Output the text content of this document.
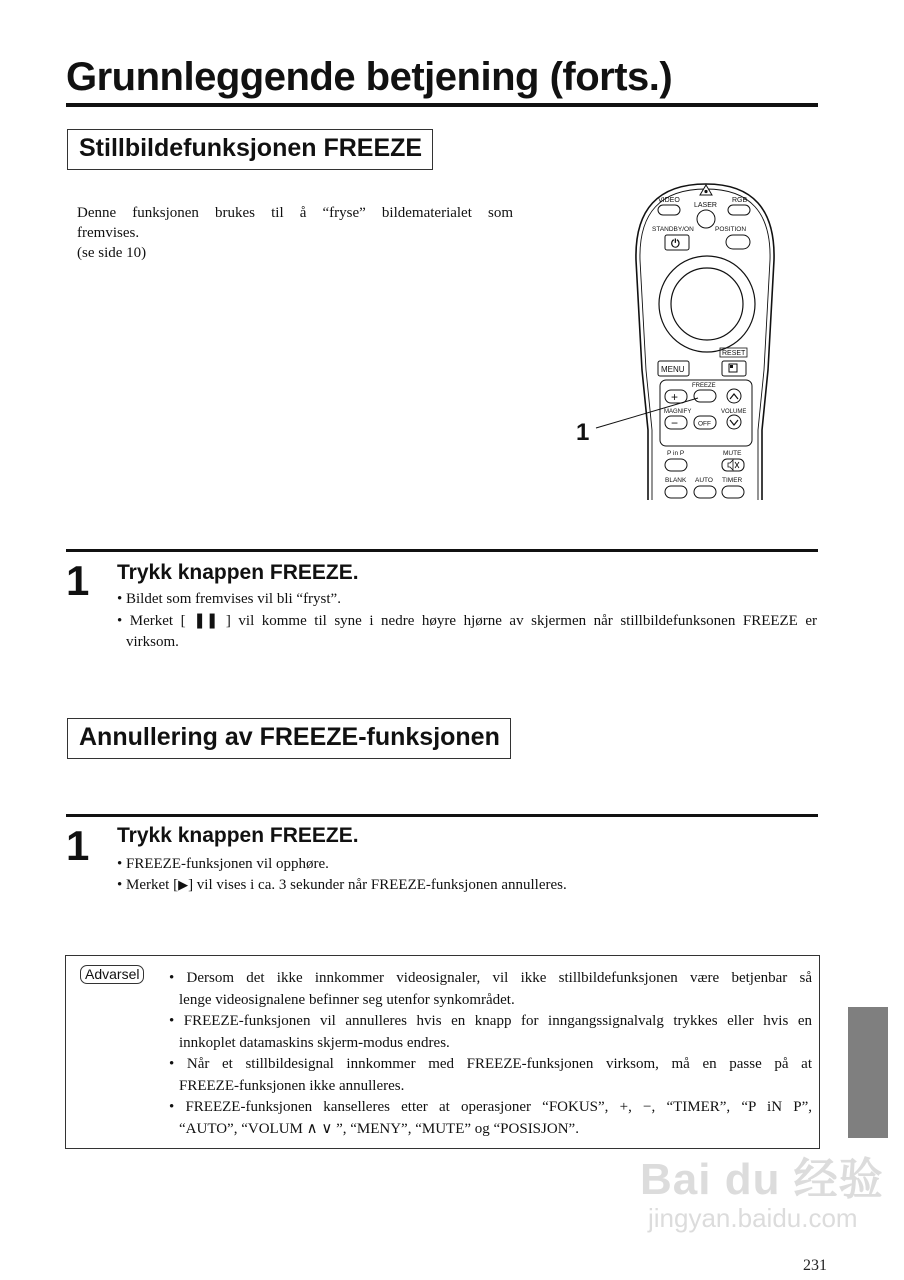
Grunnleggende betjening (forts.)
Stillbildefunksjonen FREEZE

Denne funksjonen brukes til å “fryse” bildematerialet som

fremvises.

(se side 10)

VIDEO
LASER
RGB
STANDBY/ON
⏻
POSITION
RESET
MENU
FREEZE
+
MAGNIFY	VOLUME
−	OFF
P in P	MUTE
BLANK AUTO TIMER
1
1 Trykk knappen FREEZE.
• Bildet som fremvises vil bli “fryst”.
• Merket [ ❚❚ ] vil komme til syne i nedre høyre hjørne av skjermen når stillbildefunksonen FREEZE er
virksom.
Annullering av FREEZE-funksjonen
1 Trykk knappen FREEZE.
• FREEZE-funksjonen vil opphøre.
• Merket [▶] vil vises i ca. 3 sekunder når FREEZE-funksjonen annulleres.
Advarsel	• Dersom det ikke innkommer videosignaler, vil ikke stillbildefunksjonen være betjenbar så
lenge videosignalene befinner seg utenfor synkområdet.
• FREEZE-funksjonen vil annulleres hvis en knapp for inngangssignalvalg trykkes eller hvis en
innkoplet datamaskins skjerm-modus endres.
• Når et stillbildesignal innkommer med FREEZE-funksjonen virksom, må en passe på at
FREEZE-funksjonen ikke annulleres.
• FREEZE-funksjonen kanselleres etter at operasjoner “FOKUS”, +, −, “TIMER”, “P iN P”,
“AUTO”, “VOLUM ∧ ∨ ”, “MENY”, “MUTE” og “POSISJON”.
Bai du 经验
jingyan.baidu.com
231
